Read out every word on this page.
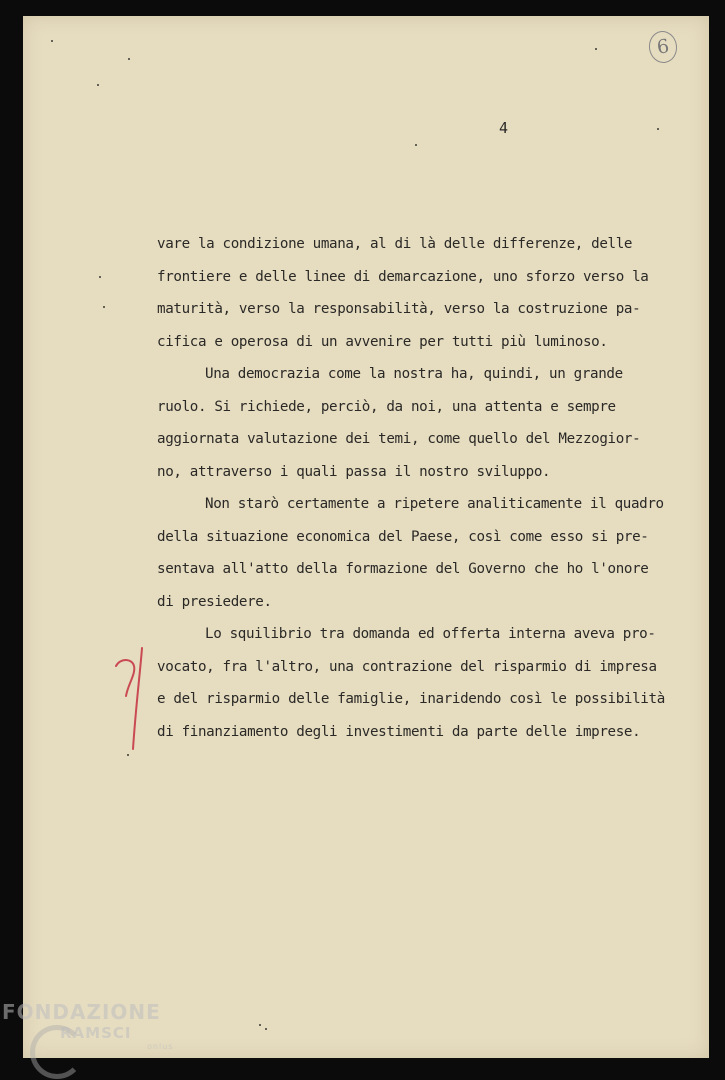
6
4
vare la condizione umana, al di là delle differenze, delle
frontiere e delle linee di demarcazione, uno sforzo verso la
maturità, verso la responsabilità, verso la costruzione pa-
cifica e operosa di un avvenire per tutti più luminoso.
Una democrazia come la nostra ha, quindi, un grande
ruolo. Si richiede, perciò, da noi, una attenta e sempre
aggiornata valutazione dei temi, come quello del Mezzogior-
no, attraverso i quali passa il nostro sviluppo.
Non starò certamente a ripetere analiticamente il quadro
della situazione economica del Paese, così come esso si pre-
sentava all'atto della formazione del Governo che ho l'onore
di presiedere.
Lo squilibrio tra domanda ed offerta interna aveva pro-
vocato, fra l'altro, una contrazione del risparmio di impresa
e del risparmio delle famiglie, inaridendo così le possibilità
di finanziamento degli investimenti da parte delle imprese.
FONDAZIONE
RAMSCI
onlus
